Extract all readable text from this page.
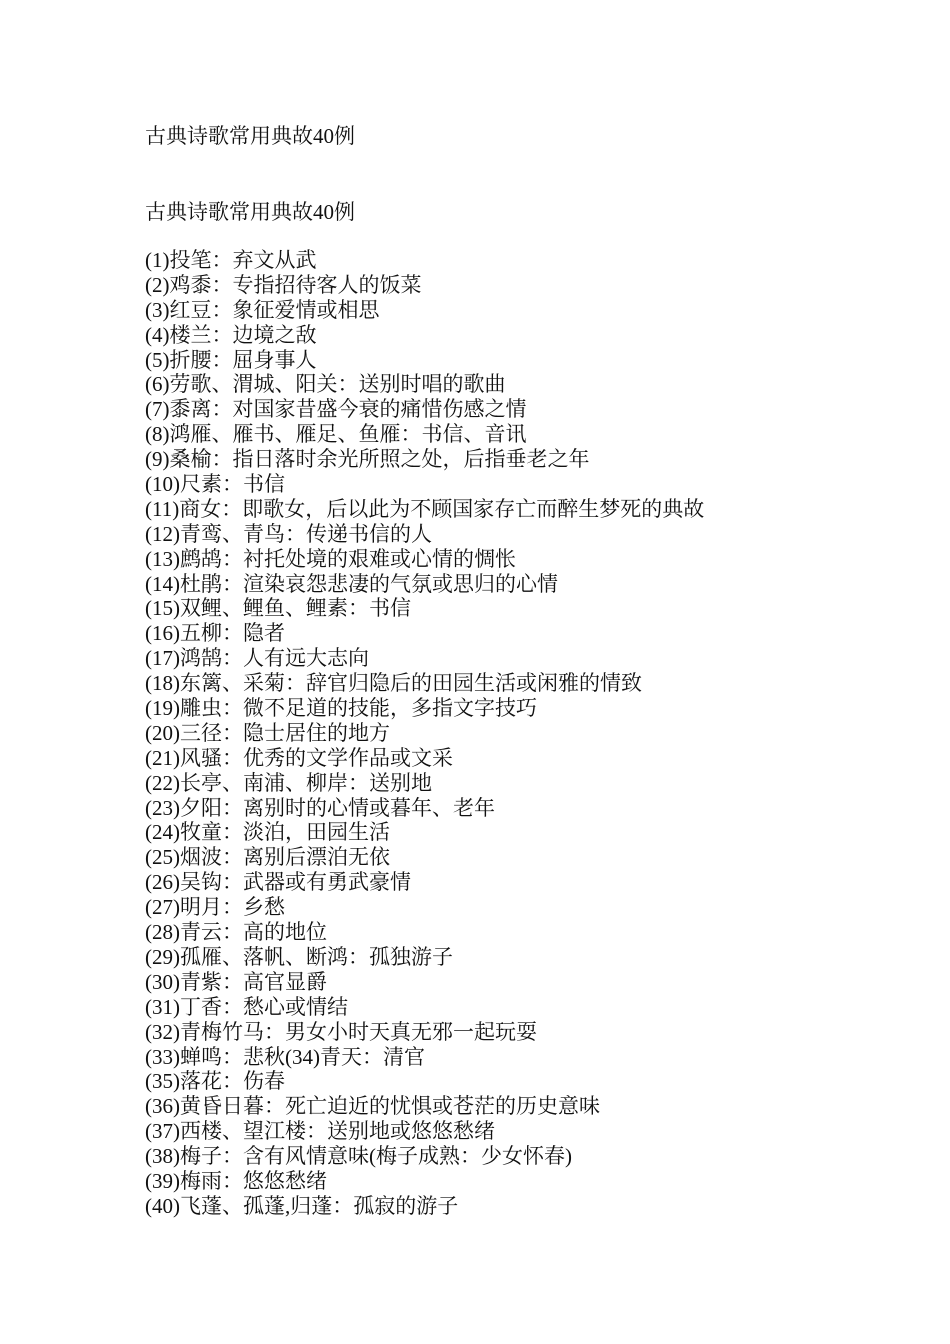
古典诗歌常用典故40例
古典诗歌常用典故40例
(1)投笔：弃文从武
(2)鸡黍：专指招待客人的饭菜
(3)红豆：象征爱情或相思
(4)楼兰：边境之敌
(5)折腰：屈身事人
(6)劳歌、渭城、阳关：送别时唱的歌曲
(7)黍离：对国家昔盛今衰的痛惜伤感之情
(8)鸿雁、雁书、雁足、鱼雁：书信、音讯
(9)桑榆：指日落时余光所照之处，后指垂老之年
(10)尺素：书信
(11)商女：即歌女，后以此为不顾国家存亡而醉生梦死的典故
(12)青鸾、青鸟：传递书信的人
(13)鹧鸪：衬托处境的艰难或心情的惆怅
(14)杜鹃：渲染哀怨悲凄的气氛或思归的心情
(15)双鲤、鲤鱼、鲤素：书信
(16)五柳：隐者
(17)鸿鹄：人有远大志向
(18)东篱、采菊：辞官归隐后的田园生活或闲雅的情致
(19)雕虫：微不足道的技能，多指文字技巧
(20)三径：隐士居住的地方
(21)风骚：优秀的文学作品或文采
(22)长亭、南浦、柳岸：送别地
(23)夕阳：离别时的心情或暮年、老年
(24)牧童：淡泊，田园生活
(25)烟波：离别后漂泊无依
(26)吴钩：武器或有勇武豪情
(27)明月：乡愁
(28)青云：高的地位
(29)孤雁、落帆、断鸿：孤独游子
(30)青紫：高官显爵
(31)丁香：愁心或情结
(32)青梅竹马：男女小时天真无邪一起玩耍
(33)蝉鸣：悲秋(34)青天：清官
(35)落花：伤春
(36)黄昏日暮：死亡迫近的忧惧或苍茫的历史意味
(37)西楼、望江楼：送别地或悠悠愁绪
(38)梅子：含有风情意味(梅子成熟：少女怀春)
(39)梅雨：悠悠愁绪
(40)飞蓬、孤蓬,归蓬：孤寂的游子
